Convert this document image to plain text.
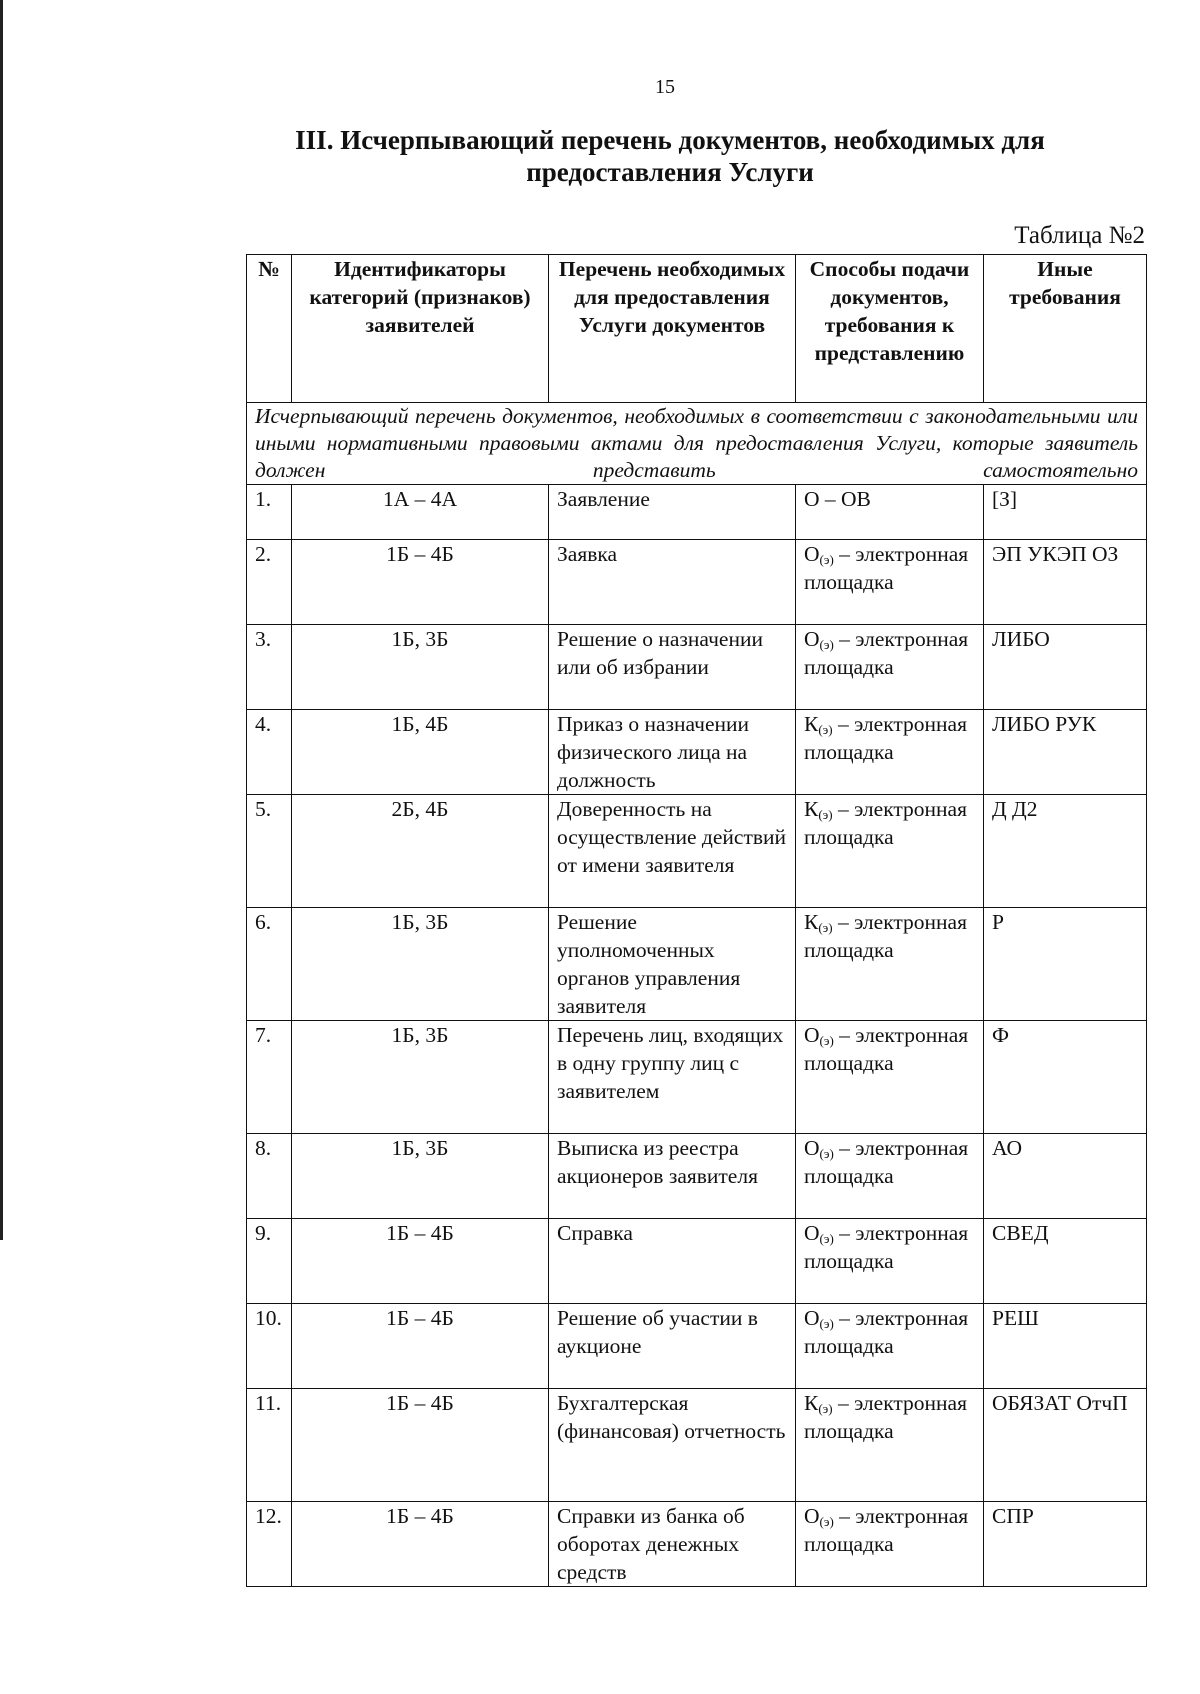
15
III. Исчерпывающий перечень документов, необходимых для
предоставления Услуги
Таблица №2
№	Идентификаторы категорий (признаков) заявителей	Перечень необходимых для предоставления Услуги документов	Способы подачи документов, требования к представлению	Иные требования
Исчерпывающий перечень документов, необходимых в соответствии с законодательными или иными нормативными правовыми актами для предоставления Услуги, которые заявитель должен представить самостоятельно				
1.	1А – 4А	Заявление	О – ОВ	[З]
2.	1Б – 4Б	Заявка	$О_{(э)}$ – электронная площадка	ЭП УКЭП ОЗ
3.	1Б, 3Б	Решение о назначении или об избрании	$О_{(э)}$ – электронная площадка	ЛИБО
4.	1Б, 4Б	Приказ о назначении физического лица на должность	$К_{(э)}$ – электронная площадка	ЛИБО РУК
5.	2Б, 4Б	Доверенность на осуществление действий от имени заявителя	$К_{(э)}$ – электронная площадка	Д Д2
6.	1Б, 3Б	Решение уполномоченных органов управления заявителя	$К_{(э)}$ – электронная площадка	Р
7.	1Б, 3Б	Перечень лиц, входящих в одну группу лиц с заявителем	$О_{(э)}$ – электронная площадка	Ф
8.	1Б, 3Б	Выписка из реестра акционеров заявителя	$О_{(э)}$ – электронная площадка	АО
9.	1Б – 4Б	Справка	$О_{(э)}$ – электронная площадка	СВЕД
10.	1Б – 4Б	Решение об участии в аукционе	$О_{(э)}$ – электронная площадка	РЕШ
11.	1Б – 4Б	Бухгалтерская (финансовая) отчетность	$К_{(э)}$ – электронная площадка	ОБЯЗАТ ОтчП
12.	1Б – 4Б	Справки из банка об оборотах денежных средств	$О_{(э)}$ – электронная площадка	СПР
